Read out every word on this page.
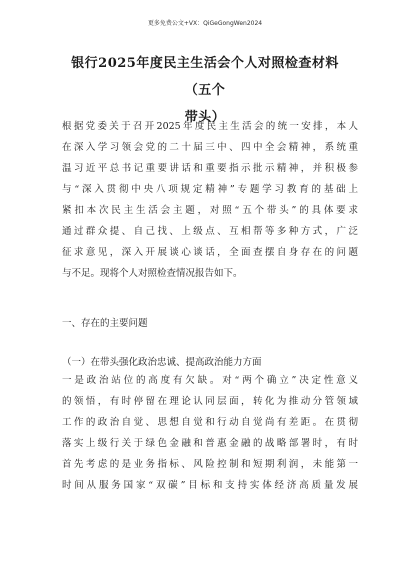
更多免费公文+VX：QiGeGongWen2024
银行2025年度民主生活会个人对照检查材料（五个
带头）
根据党委关于召开2025年度民主生活会的统一安排，本人
在深入学习领会党的二十届三中、四中全会精神，系统重
温习近平总书记重要讲话和重要指示批示精神，并积极参
与“深入贯彻中央八项规定精神”专题学习教育的基础上
紧扣本次民主生活会主题，对照“五个带头”的具体要求
通过群众提、自己找、上级点、互相帮等多种方式，广泛
征求意见，深入开展谈心谈话，全面查摆自身存在的问题
与不足。现将个人对照检查情况报告如下。
一、存在的主要问题
（一）在带头强化政治忠诚、提高政治能力方面
一是政治站位的高度有欠缺。对“两个确立”决定性意义
的领悟，有时停留在理论认同层面，转化为推动分管领域
工作的政治自觉、思想自觉和行动自觉尚有差距。在贯彻
落实上级行关于绿色金融和普惠金融的战略部署时，有时
首先考虑的是业务指标、风险控制和短期利润，未能第一
时间从服务国家“双碳”目标和支持实体经济高质量发展
